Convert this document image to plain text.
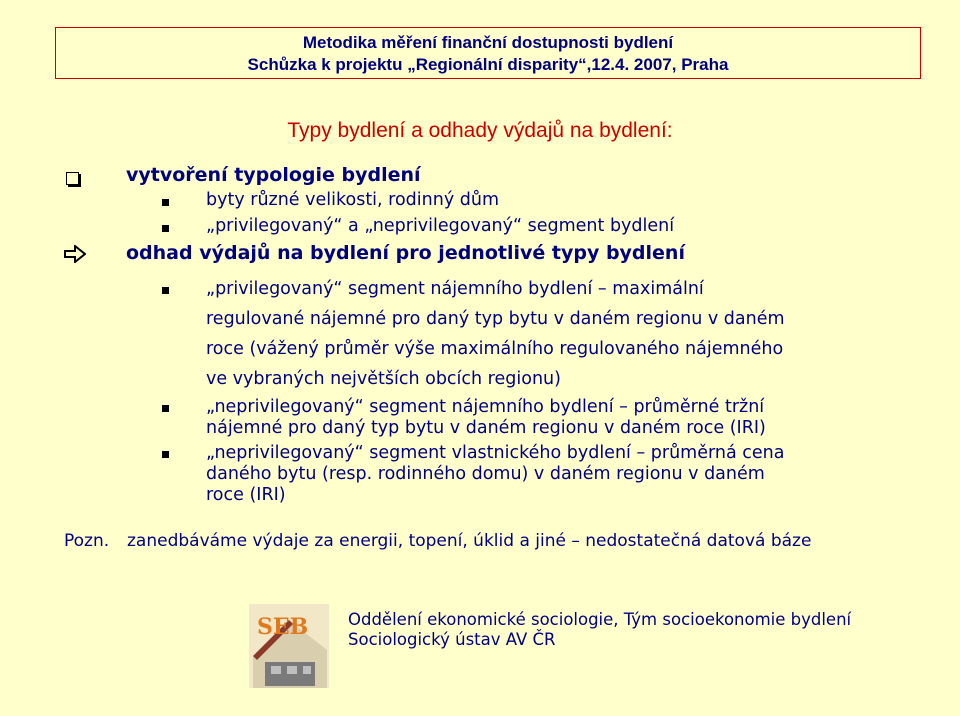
Metodika měření finanční dostupnosti bydlení
Schůzka k projektu „Regionální disparity“,12.4. 2007, Praha
Typy bydlení a odhady výdajů na bydlení:
vytvoření typologie bydlení
byty různé velikosti, rodinný dům
„privilegovaný“ a „neprivilegovaný“ segment bydlení
odhad výdajů na bydlení pro jednotlivé typy bydlení
„privilegovaný“ segment nájemního bydlení – maximální
regulované nájemné pro daný typ bytu v daném regionu v daném
roce (vážený průměr výše maximálního regulovaného nájemného
ve vybraných největších obcích regionu)
„neprivilegovaný“ segment nájemního bydlení – průměrné tržní
nájemné pro daný typ bytu v daném regionu v daném roce (IRI)
„neprivilegovaný“ segment vlastnického bydlení – průměrná cena
daného bytu (resp. rodinného domu) v daném regionu v daném
roce (IRI)
Pozn. zanedbáváme výdaje za energii, topení, úklid a jiné – nedostatečná datová báze
SEB Oddělení ekonomické sociologie, Tým socioekonomie bydlení
Sociologický ústav AV ČR
